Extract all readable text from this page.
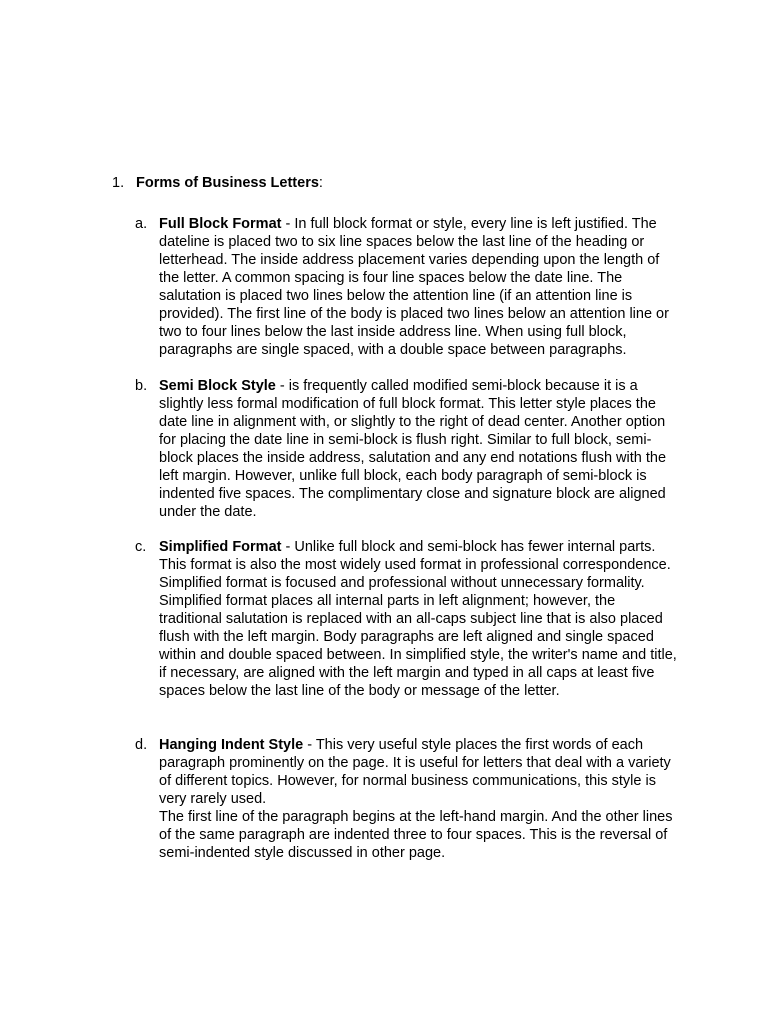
1. Forms of Business Letters:
a. Full Block Format - In full block format or style, every line is left justified. The dateline is placed two to six line spaces below the last line of the heading or letterhead. The inside address placement varies depending upon the length of the letter. A common spacing is four line spaces below the date line. The salutation is placed two lines below the attention line (if an attention line is provided). The first line of the body is placed two lines below an attention line or two to four lines below the last inside address line. When using full block, paragraphs are single spaced, with a double space between paragraphs.

b. Semi Block Style - is frequently called modified semi-block because it is a slightly less formal modification of full block format. This letter style places the date line in alignment with, or slightly to the right of dead center. Another option for placing the date line in semi-block is flush right. Similar to full block, semi-block places the inside address, salutation and any end notations flush with the left margin. However, unlike full block, each body paragraph of semi-block is indented five spaces. The complimentary close and signature block are aligned under the date.

c. Simplified Format - Unlike full block and semi-block has fewer internal parts. This format is also the most widely used format in professional correspondence. Simplified format is focused and professional without unnecessary formality. Simplified format places all internal parts in left alignment; however, the traditional salutation is replaced with an all-caps subject line that is also placed flush with the left margin. Body paragraphs are left aligned and single spaced within and double spaced between. In simplified style, the writer's name and title, if necessary, are aligned with the left margin and typed in all caps at least five spaces below the last line of the body or message of the letter.

d. Hanging Indent Style - This very useful style places the first words of each paragraph prominently on the page. It is useful for letters that deal with a variety of different topics. However, for normal business communications, this style is very rarely used.

The first line of the paragraph begins at the left-hand margin. And the other lines of the same paragraph are indented three to four spaces. This is the reversal of semi-indented style discussed in other page.
